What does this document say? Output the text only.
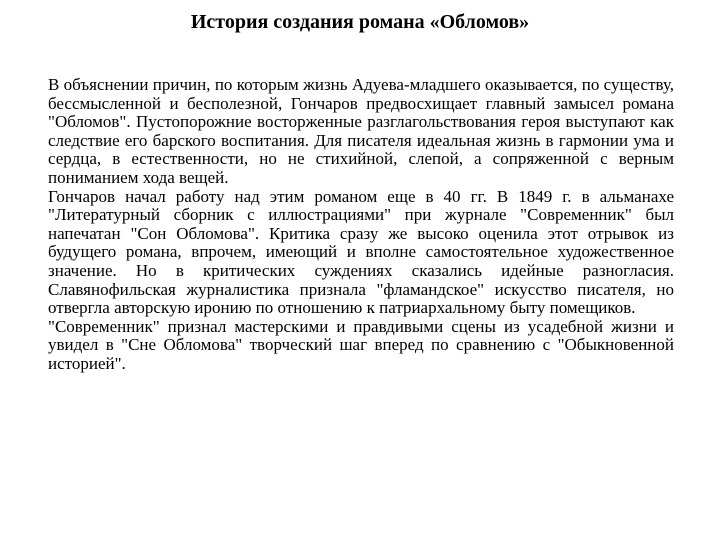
История создания романа «Обломов»

В объяснении причин, по которым жизнь Адуева-младшего оказывается, по существу, бессмысленной и бесполезной, Гончаров предвосхищает главный замысел романа "Обломов". Пустопорожние восторженные разглагольствования героя выступают как следствие его барского воспитания. Для писателя идеальная жизнь в гармонии ума и сердца, в естественности, но не стихийной, слепой, а сопряженной с верным пониманием хода вещей.

Гончаров начал работу над этим романом еще в 40 гг. В 1849 г. в альманахе "Литературный сборник с иллюстрациями" при журнале "Современник" был напечатан "Сон Обломова". Критика сразу же высоко оценила этот отрывок из будущего романа, впрочем, имеющий и вполне самостоятельное художественное значение. Но в критических суждениях сказались идейные разногласия. Славянофильская журналистика признала "фламандское" искусство писателя, но отвергла авторскую иронию по отношению к патриархальному быту помещиков.

"Современник" признал мастерскими и правдивыми сцены из усадебной жизни и увидел в "Сне Обломова" творческий шаг вперед по сравнению с "Обыкновенной историей".
